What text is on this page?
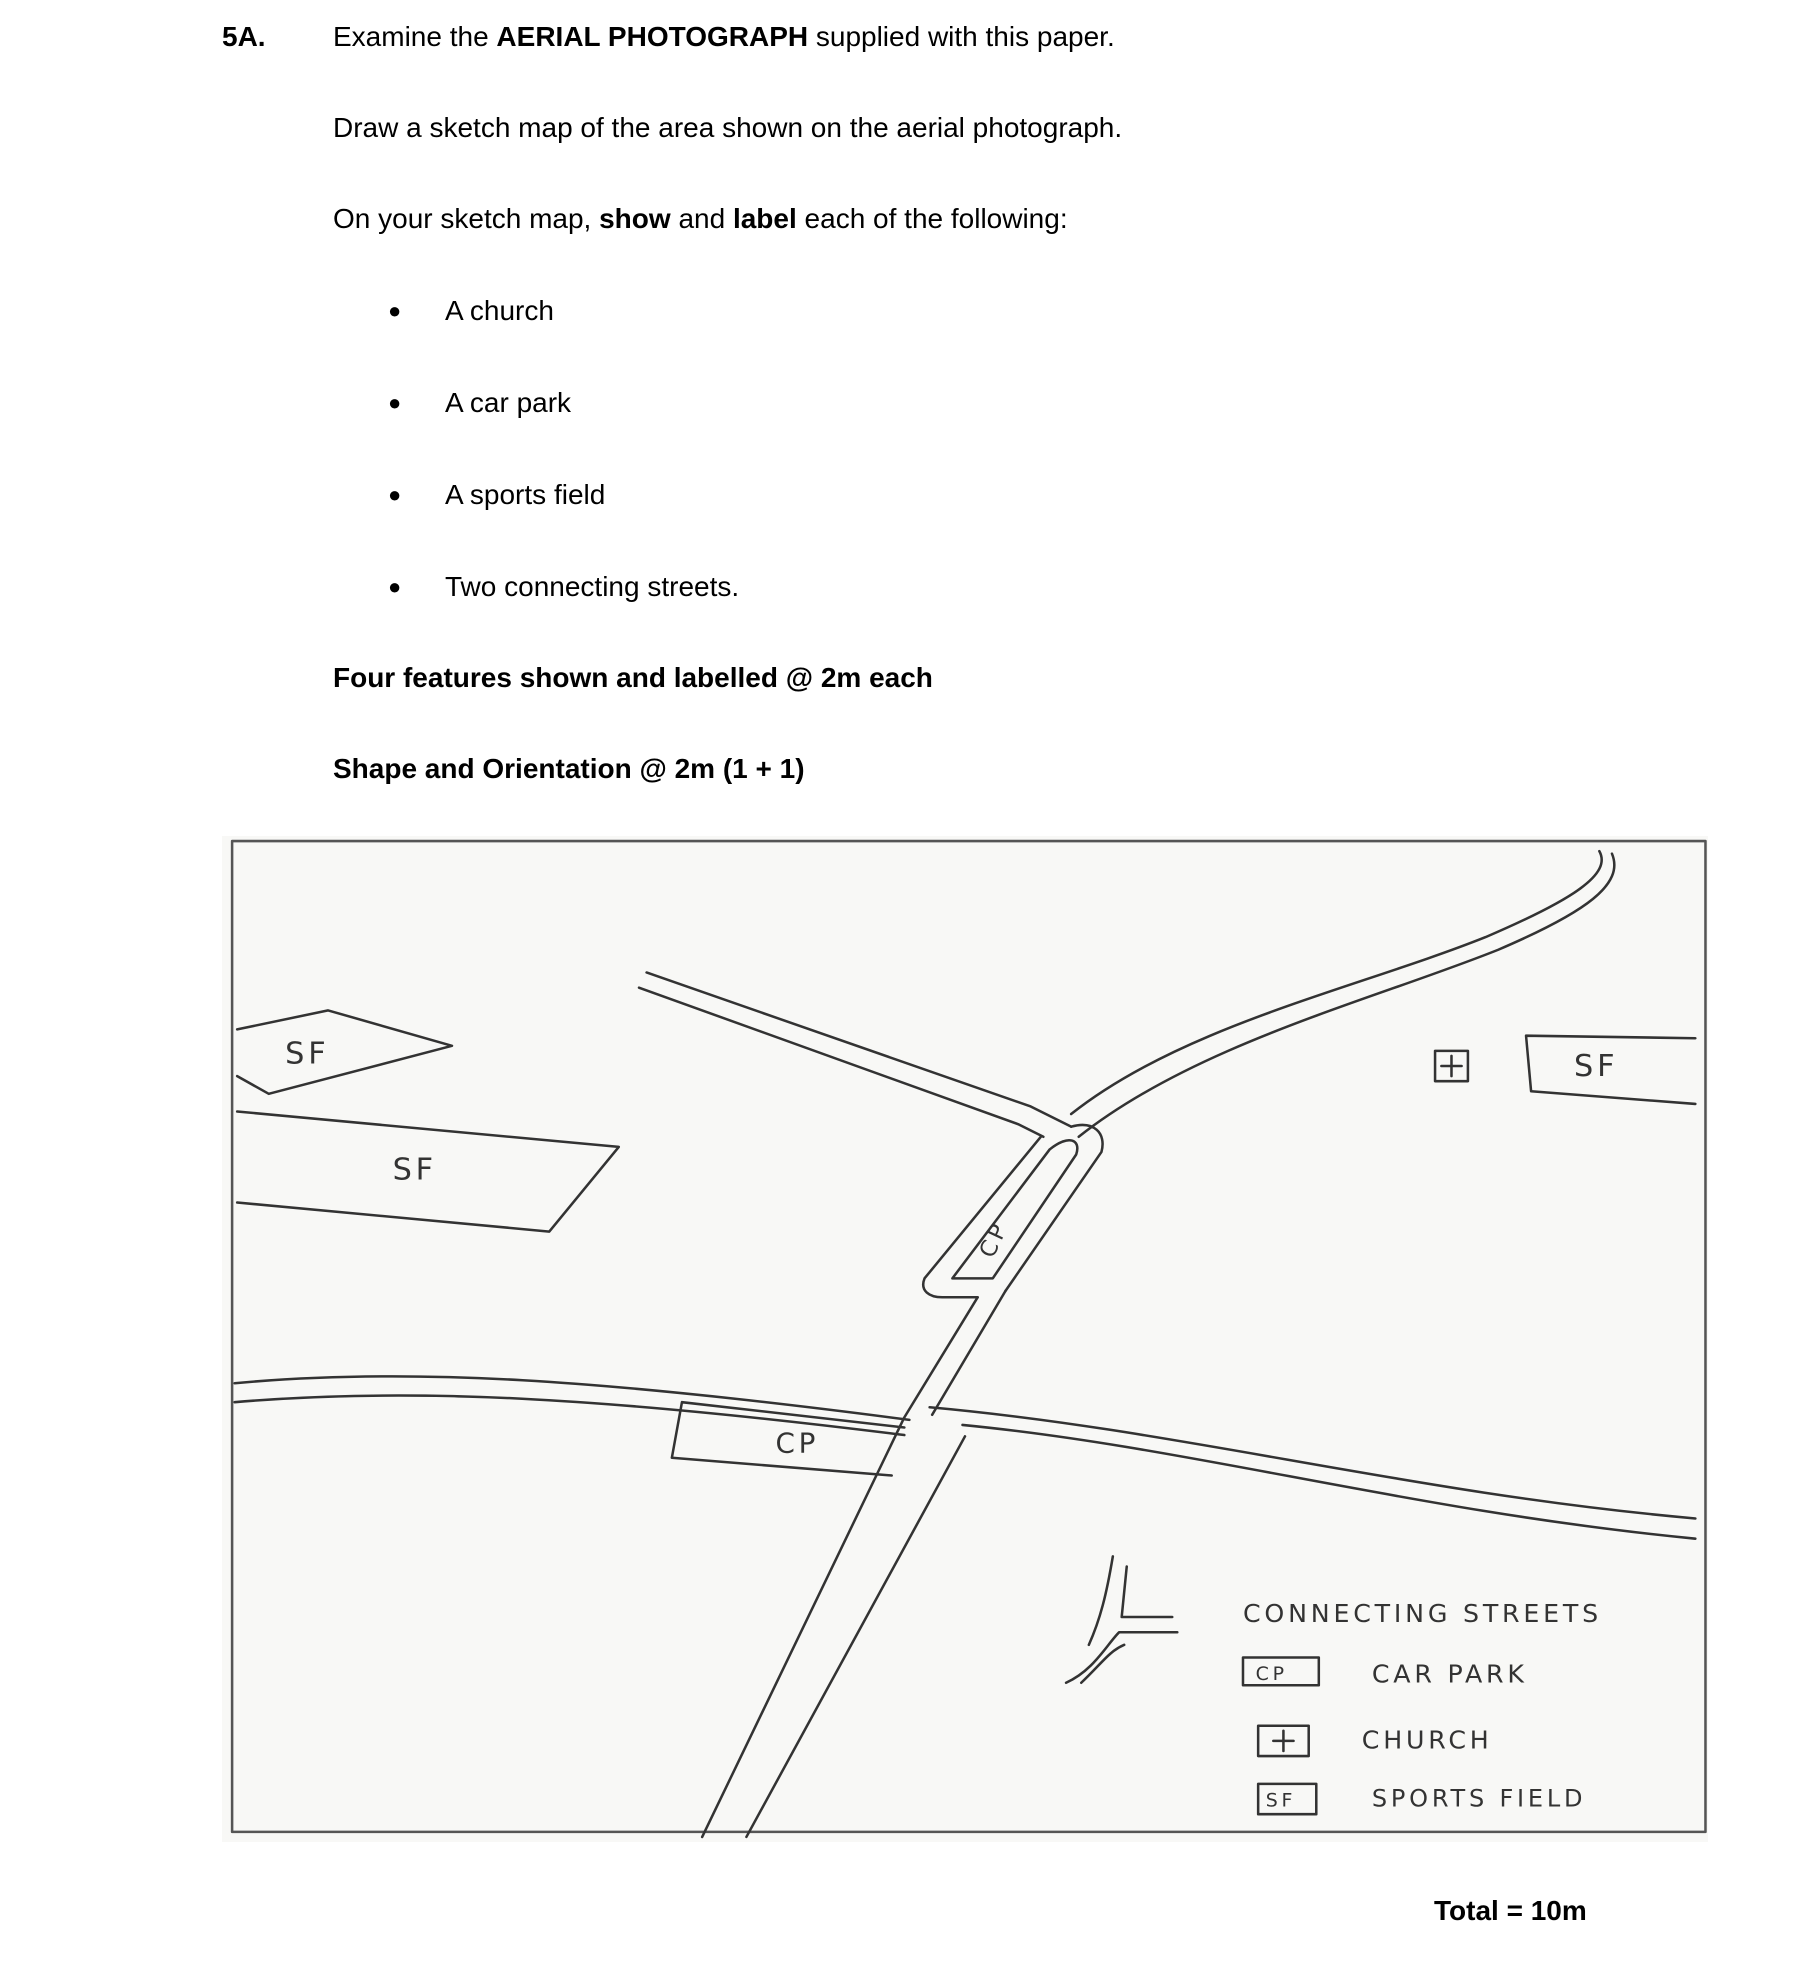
5A. Examine the AERIAL PHOTOGRAPH supplied with this paper.
Draw a sketch map of the area shown on the aerial photograph.
On your sketch map, show and label each of the following:
● A church
● A car park
● A sports field
● Two connecting streets.
Four features shown and labelled @ 2m each
Shape and Orientation @ 2m (1 + 1)
SF
SF
SF
CP
CP
CONNECTING STREETS
CP	CAR PARK
CHURCH
SF	SPORTS FIELD
Total = 10m
